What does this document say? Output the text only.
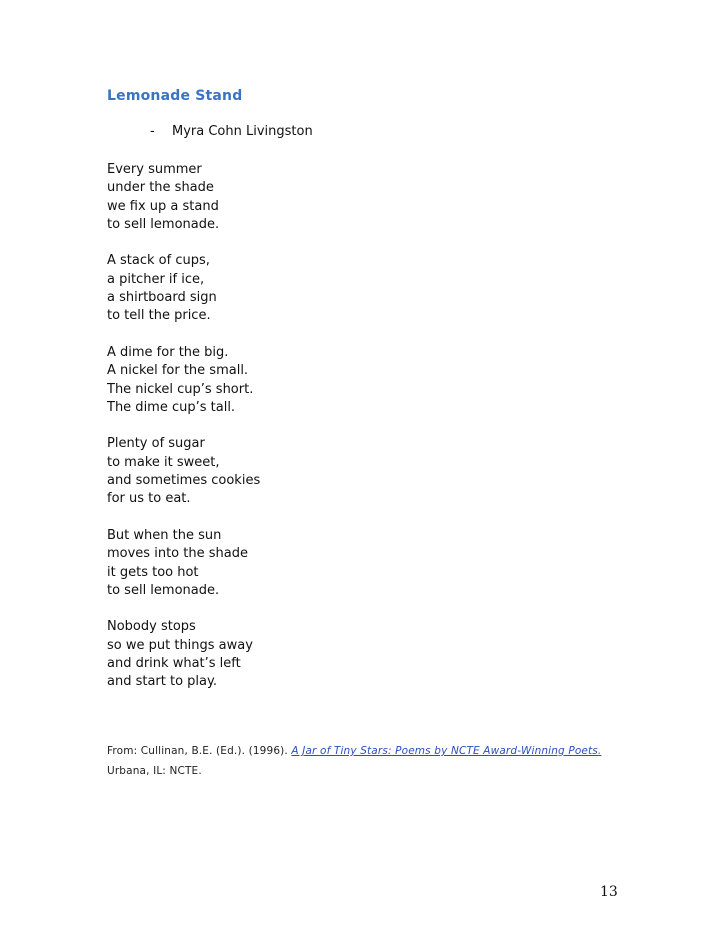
Lemonade Stand
- Myra Cohn Livingston
Every summer
under the shade
we fix up a stand
to sell lemonade.
A stack of cups,
a pitcher if ice,
a shirtboard sign
to tell the price.
A dime for the big.
A nickel for the small.
The nickel cup’s short.
The dime cup’s tall.
Plenty of sugar
to make it sweet,
and sometimes cookies
for us to eat.
But when the sun
moves into the shade
it gets too hot
to sell lemonade.
Nobody stops
so we put things away
and drink what’s left
and start to play.
From: Cullinan, B.E. (Ed.). (1996). A Jar of Tiny Stars: Poems by NCTE Award-Winning Poets.
Urbana, IL: NCTE.
13
